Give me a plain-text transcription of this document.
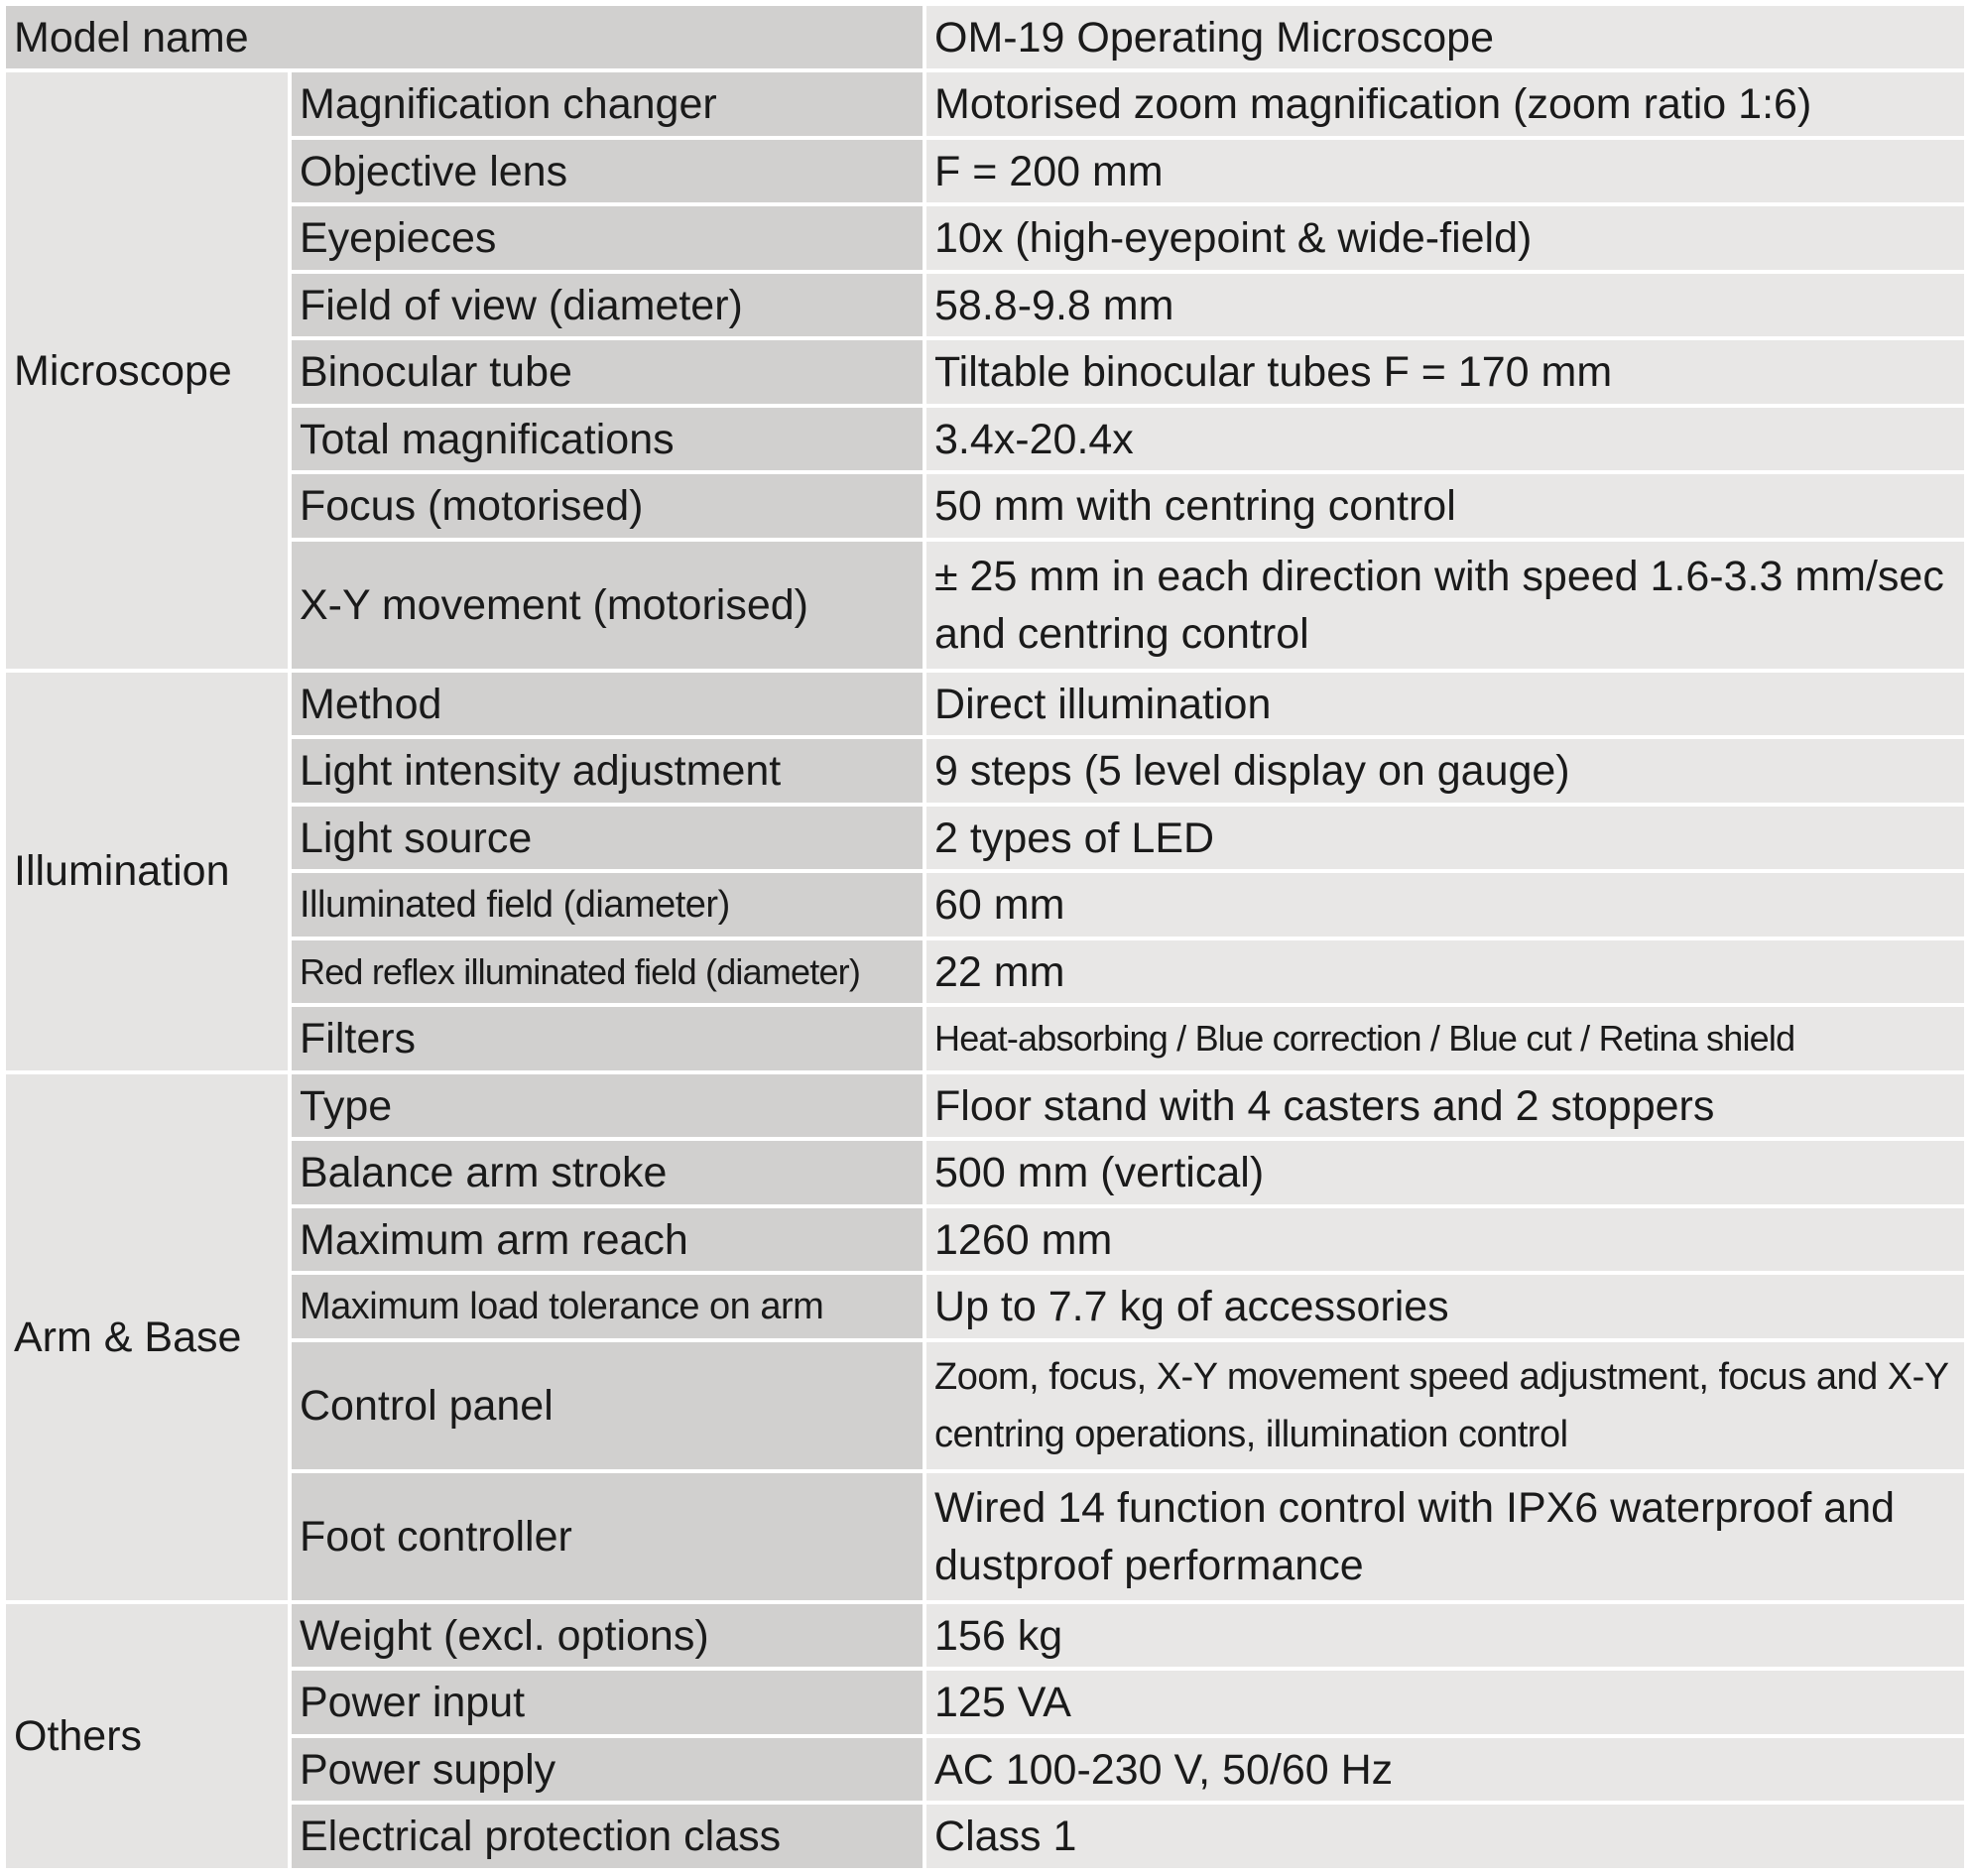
Model name		OM-19 Operating Microscope
Microscope	Magnification changer	Motorised zoom magnification (zoom ratio 1:6)
	Objective lens	F = 200 mm
	Eyepieces	10x (high-eyepoint & wide-field)
	Field of view (diameter)	58.8-9.8 mm
	Binocular tube	Tiltable binocular tubes F = 170 mm
	Total magnifications	3.4x-20.4x
	Focus (motorised)	50 mm with centring control
	X-Y movement (motorised)	± 25 mm in each direction with speed 1.6-3.3 mm/sec and centring control
Illumination	Method	Direct illumination
	Light intensity adjustment	9 steps (5 level display on gauge)
	Light source	2 types of LED
	Illuminated field (diameter)	60 mm
	Red reflex illuminated field (diameter)	22 mm
	Filters	Heat-absorbing / Blue correction / Blue cut / Retina shield
Arm & Base	Type	Floor stand with 4 casters and 2 stoppers
	Balance arm stroke	500 mm (vertical)
	Maximum arm reach	1260 mm
	Maximum load tolerance on arm	Up to 7.7 kg of accessories
	Control panel	Zoom, focus, X-Y movement speed adjustment, focus and X-Y centring operations, illumination control
	Foot controller	Wired 14 function control with IPX6 waterproof and dustproof performance
Others	Weight (excl. options)	156 kg
	Power input	125 VA
	Power supply	AC 100-230 V, 50/60 Hz
	Electrical protection class	Class 1
